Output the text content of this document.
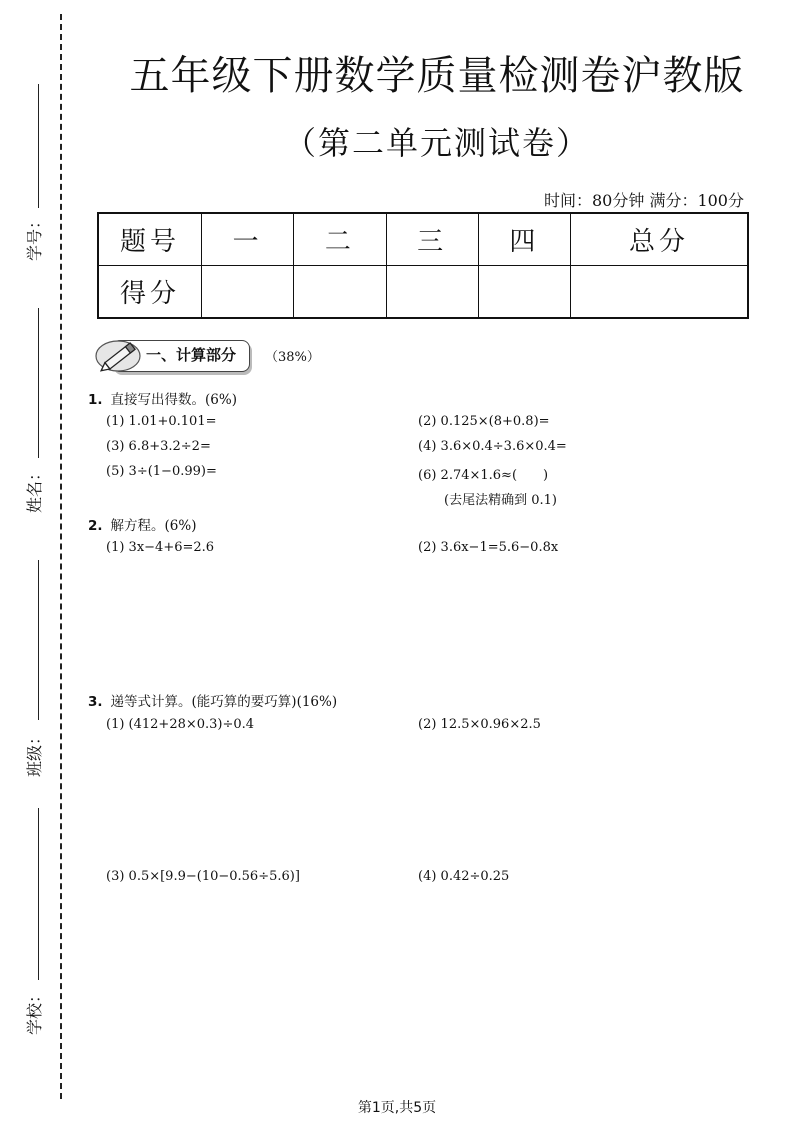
学号：
姓名：
班级：
学校：
五年级下册数学质量检测卷沪教版
（第二单元测试卷）
时间：80分钟 满分：100分
题号	一	二	三	四	总分
得分					
一、计算部分 （38%）
1. 直接写出得数。(6%)
(1) 1.01+0.101=	(2) 0.125×(8+0.8)=
(3) 6.8+3.2÷2=	(4) 3.6×0.4÷3.6×0.4=
(5) 3÷(1−0.99)=	(6) 2.74×1.6≈(　　)
(去尾法精确到 0.1)
2. 解方程。(6%)
(1) 3x−4+6=2.6	(2) 3.6x−1=5.6−0.8x
3. 递等式计算。(能巧算的要巧算)(16%)
(1) (412+28×0.3)÷0.4	(2) 12.5×0.96×2.5
(3) 0.5×[9.9−(10−0.56÷5.6)]	(4) 0.42÷0.25
第1页,共5页
